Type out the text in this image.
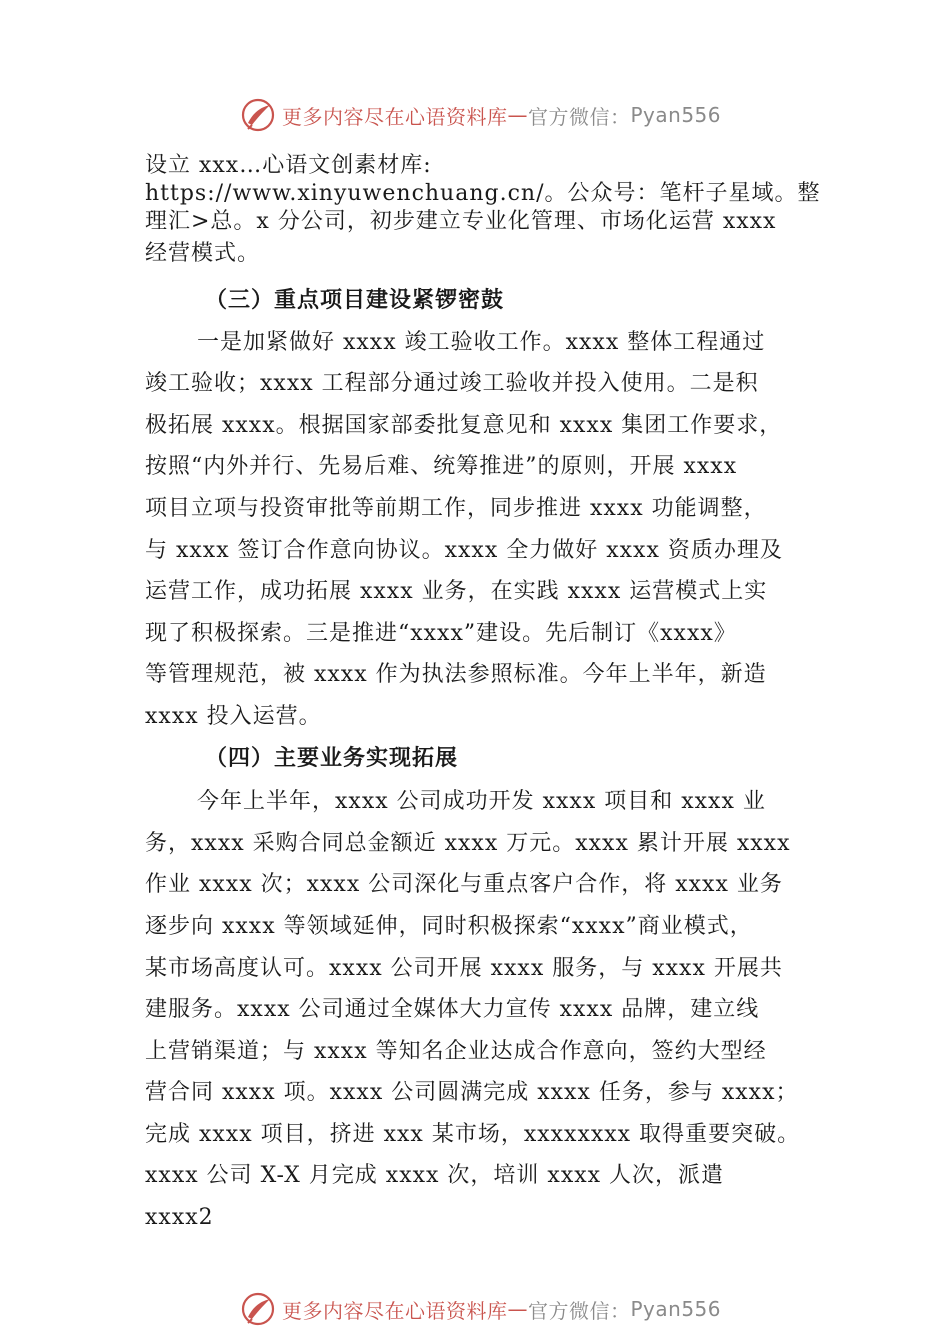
更多内容尽在心语资料库 — 官方微信： Pyan556

设立 xxx…心语文创素材库:

https://www.xinyuwenchuang.cn/。公众号：笔杆子星域。整

理汇>总。x 分公司，初步建立专业化管理、市场化运营 xxxx

经营模式。

（三）重点项目建设紧锣密鼓

一是加紧做好 xxxx 竣工验收工作。xxxx 整体工程通过

竣工验收；xxxx 工程部分通过竣工验收并投入使用。二是积

极拓展 xxxx。根据国家部委批复意见和 xxxx 集团工作要求，

按照“内外并行、先易后难、统筹推进”的原则，开展 xxxx

项目立项与投资审批等前期工作，同步推进 xxxx 功能调整，

与 xxxx 签订合作意向协议。xxxx 全力做好 xxxx 资质办理及

运营工作，成功拓展 xxxx 业务，在实践 xxxx 运营模式上实

现了积极探索。三是推进“xxxx”建设。先后制订《xxxx》

等管理规范，被 xxxx 作为执法参照标准。今年上半年，新造

xxxx 投入运营。

（四）主要业务实现拓展

今年上半年，xxxx 公司成功开发 xxxx 项目和 xxxx 业

务，xxxx 采购合同总金额近 xxxx 万元。xxxx 累计开展 xxxx

作业 xxxx 次；xxxx 公司深化与重点客户合作，将 xxxx 业务

逐步向 xxxx 等领域延伸，同时积极探索“xxxx”商业模式，

某市场高度认可。xxxx 公司开展 xxxx 服务，与 xxxx 开展共

建服务。xxxx 公司通过全媒体大力宣传 xxxx 品牌，建立线

上营销渠道；与 xxxx 等知名企业达成合作意向，签约大型经

营合同 xxxx 项。xxxx 公司圆满完成 xxxx 任务，参与 xxxx；

完成 xxxx 项目，挤进 xxx 某市场，xxxxxxxx 取得重要突破。

xxxx 公司 X-X 月完成 xxxx 次，培训 xxxx 人次，派遣

xxxx2

更多内容尽在心语资料库 — 官方微信： Pyan556
